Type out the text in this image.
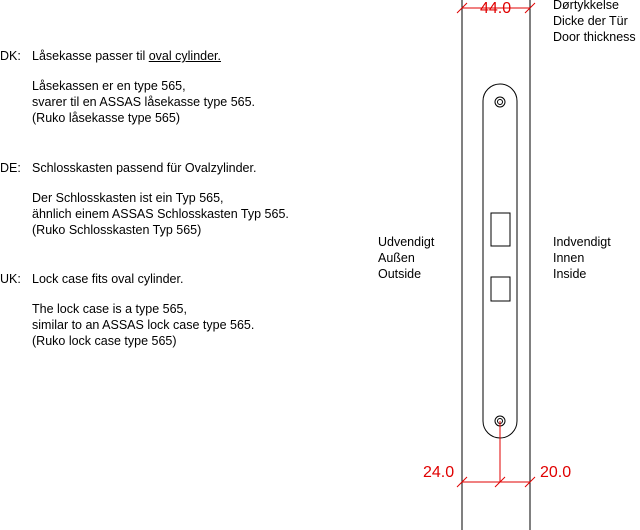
DK: Låsekasse passer til oval cylinder.
Låsekassen er en type 565,
svarer til en ASSAS låsekasse type 565.
(Ruko låsekasse type 565)
DE: Schlosskasten passend für Ovalzylinder.
Der Schlosskasten ist ein Typ 565,
ähnlich einem ASSAS Schlosskasten Typ 565.
(Ruko Schlosskasten Typ 565)
UK: Lock case fits oval cylinder.
The lock case is a type 565,
similar to an ASSAS lock case type 565.
(Ruko lock case type 565)
Dørtykkelse
Dicke der Tür
Door thickness
Udvendigt
Außen
Outside
Indvendigt
Innen
Inside
44.0
24.0	20.0
